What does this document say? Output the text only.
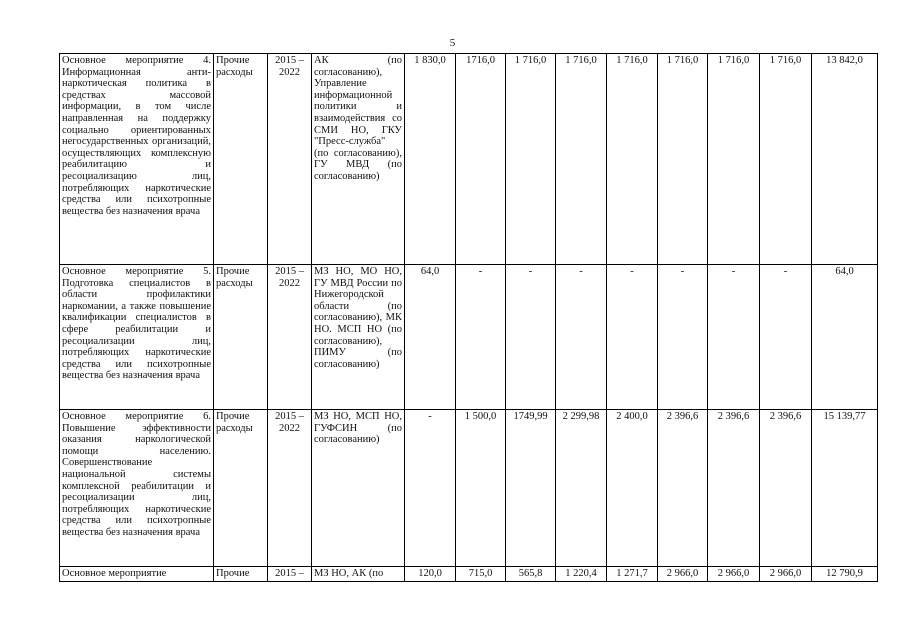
5
Основное мероприятие 4. Информационная анти-наркотическая политика в средствах массовой информации, в том числе направленная на поддержку социально ориентированных негосударственных организаций, осуществляющих комплексную реабилитацию и ресоциализацию лиц, потребляющих наркотические средства или психотропные вещества без назначения врача	Прочие расходы	2015 – 2022	АК (по согласованию), Управление информационной политики и взаимодействия со СМИ НО, ГКУ "Пресс-служба" (по согласованию), ГУ МВД (по согласованию)	1 830,0	1716,0	1 716,0	1 716,0	1 716,0	1 716,0	1 716,0	1 716,0	13 842,0
Основное мероприятие 5. Подготовка специалистов в области профилактики наркомании, а также повышение квалификации специалистов в сфере реабилитации и ресоциализации лиц, потребляющих наркотические средства или психотропные вещества без назначения врача	Прочие расходы	2015 – 2022	МЗ НО, МО НО, ГУ МВД России по Нижегородской области (по согласованию), МК НО. МСП НО (по согласованию), ПИМУ (по согласованию)	64,0	-	-	-	-	-	-	-	64,0
Основное мероприятие 6. Повышение эффективности оказания наркологической помощи населению. Совершенствование национальной системы комплексной реабилитации и ресоциализации лиц, потребляющих наркотические средства или психотропные вещества без назначения врача	Прочие расходы	2015 – 2022	МЗ НО, МСП НО, ГУФСИН (по согласованию)	-	1 500,0	1749,99	2 299,98	2 400,0	2 396,6	2 396,6	2 396,6	15 139,77
Основное мероприятие	Прочие	2015 –	МЗ НО, АК (по	120,0	715,0	565,8	1 220,4	1 271,7	2 966,0	2 966,0	2 966,0	12 790,9
